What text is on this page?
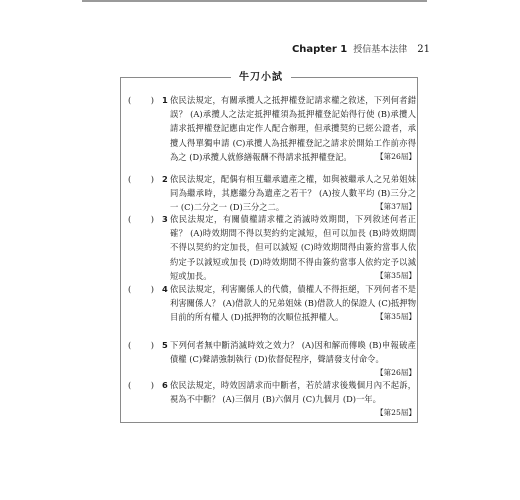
Chapter 1 授信基本法律 21
牛刀小試
( ) 1 依民法規定，有關承攬人之抵押權登記請求權之敘述，下列何者錯誤？ (A)承攬人之法定抵押權須為抵押權登記始得行使 (B)承攬人請求抵押權登記應由定作人配合辦理，但承攬契約已經公證者，承攬人得單獨申請 (C)承攬人為抵押權登記之請求於開始工作前亦得為之 (D)承攬人就修繕報酬不得請求抵押權登記。	【第26屆】
( ) 2 依民法規定，配偶有相互繼承遺產之權，如與被繼承人之兄弟姐妹同為繼承時，其應繼分為遺產之若干？ (A)按人數平均 (B)三分之一 (C)二分之一 (D)三分之二。	【第37屆】
( ) 3 依民法規定，有關債權請求權之消滅時效期間，下列敘述何者正確？ (A)時效期間不得以契約約定減短，但可以加長 (B)時效期間不得以契約約定加長，但可以減短 (C)時效期間得由簽約當事人依約定予以減短或加長 (D)時效期間不得由簽約當事人依約定予以減短或加長。	【第35屆】
( ) 4 依民法規定，利害關係人的代償，債權人不得拒絕，下列何者不是利害關係人？ (A)借款人的兄弟姐妹 (B)借款人的保證人 (C)抵押物目前的所有權人 (D)抵押物的次順位抵押權人。	【第35屆】
( ) 5 下列何者無中斷消滅時效之效力？ (A)因和解而傳喚 (B)申報破產債權 (C)聲請強制執行 (D)依督促程序，聲請發支付命令。
【第26屆】
( ) 6 依民法規定，時效因請求而中斷者，若於請求後幾個月內不起訴，視為不中斷？ (A)三個月 (B)六個月 (C)九個月 (D)一年。
【第25屆】
